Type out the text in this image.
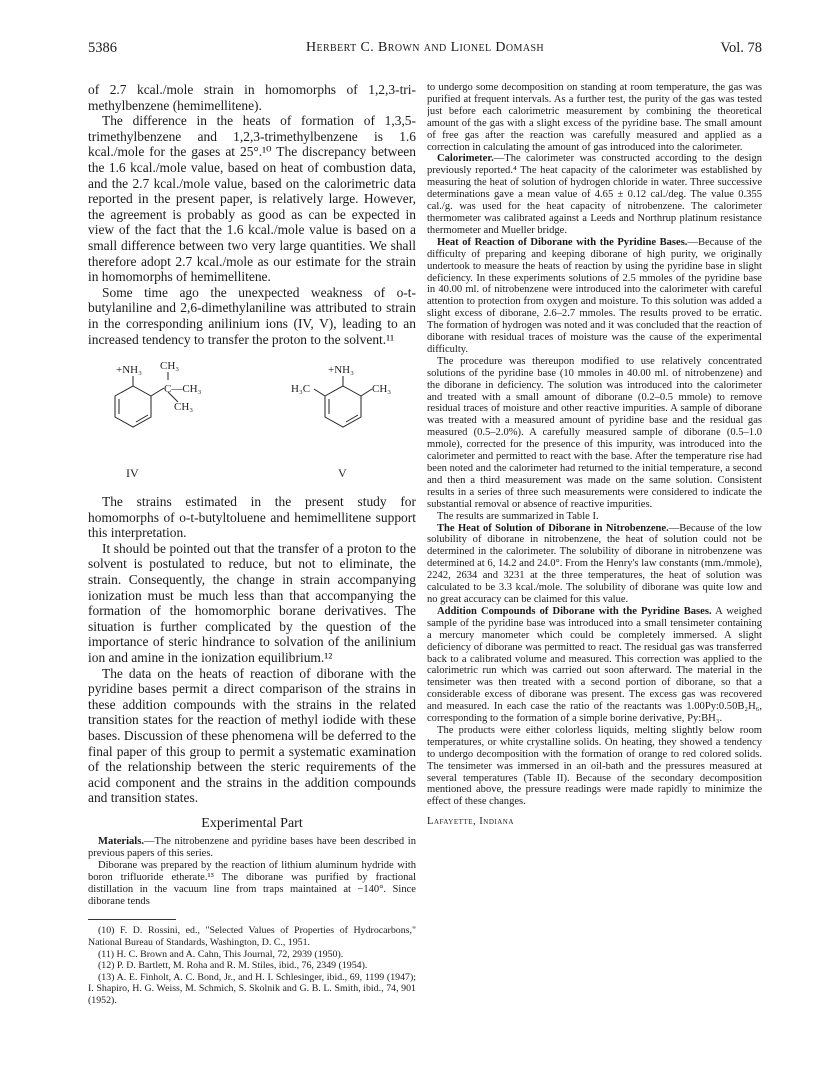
5386	Herbert C. Brown and Lionel Domash	Vol. 78

of 2.7 kcal./mole strain in homomorphs of 1,2,3-tri-methylbenzene (hemimellitene).

The difference in the heats of formation of 1,3,5-trimethylbenzene and 1,2,3-trimethylbenzene is 1.6 kcal./mole for the gases at 25°.¹⁰ The discrepancy between the 1.6 kcal./mole value, based on heat of combustion data, and the 2.7 kcal./mole value, based on the calorimetric data reported in the present paper, is relatively large. However, the agreement is probably as good as can be expected in view of the fact that the 1.6 kcal./mole value is based on a small difference between two very large quantities. We shall therefore adopt 2.7 kcal./mole as our estimate for the strain in homomorphs of hemimellitene.

Some time ago the unexpected weakness of o-t-butylaniline and 2,6-dimethylaniline was attributed to strain in the corresponding anilinium ions (IV, V), leading to an increased tendency to transfer the proton to the solvent.¹¹

+NH₃ CH₃
C—CH₃
CH₃
+NH₃
H₃C	CH₃
IV	V

The strains estimated in the present study for homomorphs of o-t-butyltoluene and hemimellitene support this interpretation.

It should be pointed out that the transfer of a proton to the solvent is postulated to reduce, but not to eliminate, the strain. Consequently, the change in strain accompanying ionization must be much less than that accompanying the formation of the homomorphic borane derivatives. The situation is further complicated by the question of the importance of steric hindrance to solvation of the anilinium ion and amine in the ionization equilibrium.¹²

The data on the heats of reaction of diborane with the pyridine bases permit a direct comparison of the strains in these addition compounds with the strains in the related transition states for the reaction of methyl iodide with these bases. Discussion of these phenomena will be deferred to the final paper of this group to permit a systematic examination of the relationship between the steric requirements of the acid component and the strains in the addition compounds and transition states.

Experimental Part

Materials.—The nitrobenzene and pyridine bases have been described in previous papers of this series.

Diborane was prepared by the reaction of lithium aluminum hydride with boron trifluoride etherate.¹³ The diborane was purified by fractional distillation in the vacuum line from traps maintained at −140°. Since diborane tends

(10) F. D. Rossini, ed., "Selected Values of Properties of Hydrocarbons," National Bureau of Standards, Washington, D. C., 1951.

(11) H. C. Brown and A. Cahn, This Journal, 72, 2939 (1950).

(12) P. D. Bartlett, M. Roha and R. M. Stiles, ibid., 76, 2349 (1954).

(13) A. E. Finholt, A. C. Bond, Jr., and H. I. Schlesinger, ibid., 69, 1199 (1947); I. Shapiro, H. G. Weiss, M. Schmich, S. Skolnik and G. B. L. Smith, ibid., 74, 901 (1952).

to undergo some decomposition on standing at room temperature, the gas was purified at frequent intervals. As a further test, the purity of the gas was tested just before each calorimetric measurement by combining the theoretical amount of the gas with a slight excess of the pyridine base. The small amount of free gas after the reaction was carefully measured and applied as a correction in calculating the amount of gas introduced into the calorimeter.

Calorimeter.—The calorimeter was constructed according to the design previously reported.⁴ The heat capacity of the calorimeter was established by measuring the heat of solution of hydrogen chloride in water. Three successive determinations gave a mean value of 4.65 ± 0.12 cal./deg. The value 0.355 cal./g. was used for the heat capacity of nitrobenzene. The calorimeter thermometer was calibrated against a Leeds and Northrup platinum resistance thermometer and Mueller bridge.

Heat of Reaction of Diborane with the Pyridine Bases.—Because of the difficulty of preparing and keeping diborane of high purity, we originally undertook to measure the heats of reaction by using the pyridine base in slight deficiency. In these experiments solutions of 2.5 mmoles of the pyridine base in 40.00 ml. of nitrobenzene were introduced into the calorimeter with careful attention to protection from oxygen and moisture. To this solution was added a slight excess of diborane, 2.6–2.7 mmoles. The results proved to be erratic. The formation of hydrogen was noted and it was concluded that the reaction of diborane with residual traces of moisture was the cause of the experimental difficulty.

The procedure was thereupon modified to use relatively concentrated solutions of the pyridine base (10 mmoles in 40.00 ml. of nitrobenzene) and the diborane in deficiency. The solution was introduced into the calorimeter and treated with a small amount of diborane (0.2–0.5 mmole) to remove residual traces of moisture and other reactive impurities. A sample of diborane was treated with a measured amount of pyridine base and the residual gas measured (0.5–2.0%). A carefully measured sample of diborane (0.5–1.0 mmole), corrected for the presence of this impurity, was introduced into the calorimeter and permitted to react with the base. After the temperature rise had been noted and the calorimeter had returned to the initial temperature, a second and then a third measurement was made on the same solution. Consistent results in a series of three such measurements were considered to indicate the substantial removal or absence of reactive impurities.

The results are summarized in Table I.

The Heat of Solution of Diborane in Nitrobenzene.—Because of the low solubility of diborane in nitrobenzene, the heat of solution could not be determined in the calorimeter. The solubility of diborane in nitrobenzene was determined at 6, 14.2 and 24.0°. From the Henry's law constants (mm./mmole), 2242, 2634 and 3231 at the three temperatures, the heat of solution was calculated to be 3.3 kcal./mole. The solubility of diborane was quite low and no great accuracy can be claimed for this value.

Addition Compounds of Diborane with the Pyridine Bases. A weighed sample of the pyridine base was introduced into a small tensimeter containing a mercury manometer which could be completely immersed. A slight deficiency of diborane was permitted to react. The residual gas was transferred back to a calibrated volume and measured. This correction was applied to the calorimetric run which was carried out soon afterward. The material in the tensimeter was then treated with a second portion of diborane, so that a considerable excess of diborane was present. The excess gas was recovered and measured. In each case the ratio of the reactants was 1.00Py:0.50B₂H₆, corresponding to the formation of a simple borine derivative, Py:BH₃.

The products were either colorless liquids, melting slightly below room temperatures, or white crystalline solids. On heating, they showed a tendency to undergo decomposition with the formation of orange to red colored solids. The tensimeter was immersed in an oil-bath and the pressures measured at several temperatures (Table II). Because of the secondary decomposition mentioned above, the pressure readings were made rapidly to minimize the effect of these changes.

Lafayette, Indiana
